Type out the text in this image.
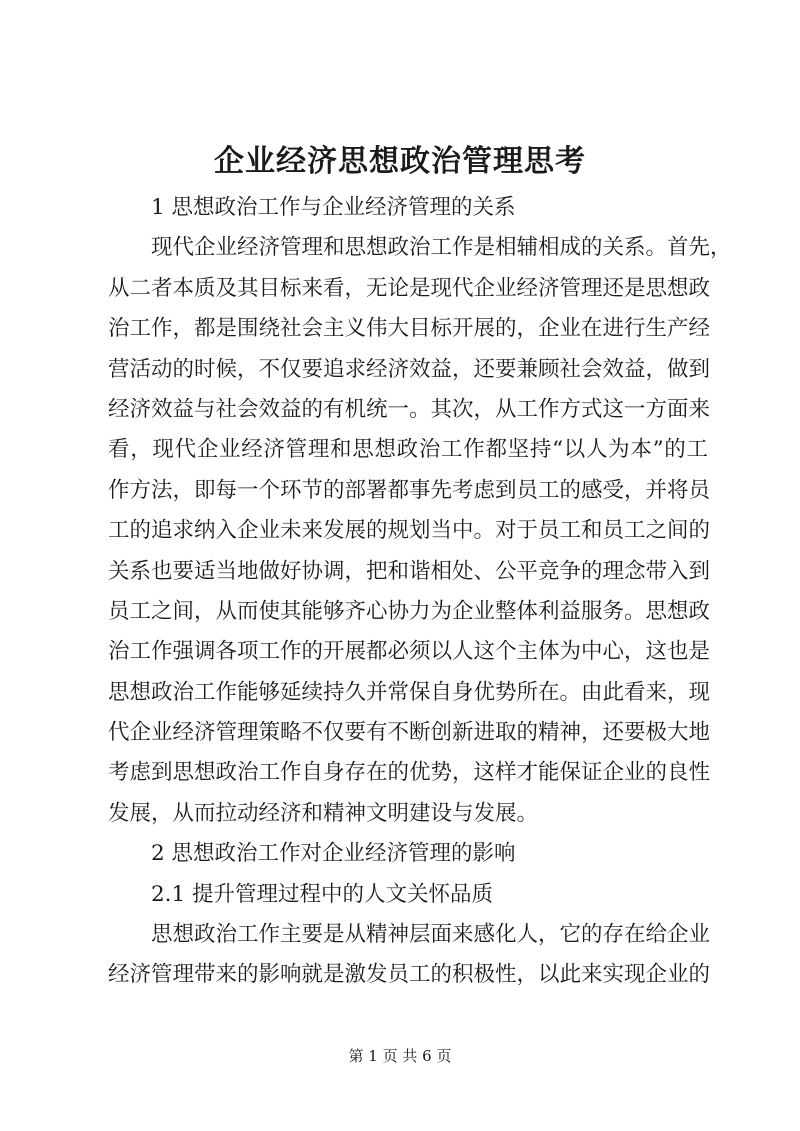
企业经济思想政治管理思考
1 思想政治工作与企业经济管理的关系
现代企业经济管理和思想政治工作是相辅相成的关系。首先，
从二者本质及其目标来看，无论是现代企业经济管理还是思想政
治工作，都是围绕社会主义伟大目标开展的，企业在进行生产经
营活动的时候，不仅要追求经济效益，还要兼顾社会效益，做到
经济效益与社会效益的有机统一。其次，从工作方式这一方面来
看，现代企业经济管理和思想政治工作都坚持“以人为本”的工
作方法，即每一个环节的部署都事先考虑到员工的感受，并将员
工的追求纳入企业未来发展的规划当中。对于员工和员工之间的
关系也要适当地做好协调，把和谐相处、公平竞争的理念带入到
员工之间，从而使其能够齐心协力为企业整体利益服务。思想政
治工作强调各项工作的开展都必须以人这个主体为中心，这也是
思想政治工作能够延续持久并常保自身优势所在。由此看来，现
代企业经济管理策略不仅要有不断创新进取的精神，还要极大地
考虑到思想政治工作自身存在的优势，这样才能保证企业的良性
发展，从而拉动经济和精神文明建设与发展。
2 思想政治工作对企业经济管理的影响
2.1 提升管理过程中的人文关怀品质
思想政治工作主要是从精神层面来感化人，它的存在给企业
经济管理带来的影响就是激发员工的积极性，以此来实现企业的
第 1 页 共 6 页
